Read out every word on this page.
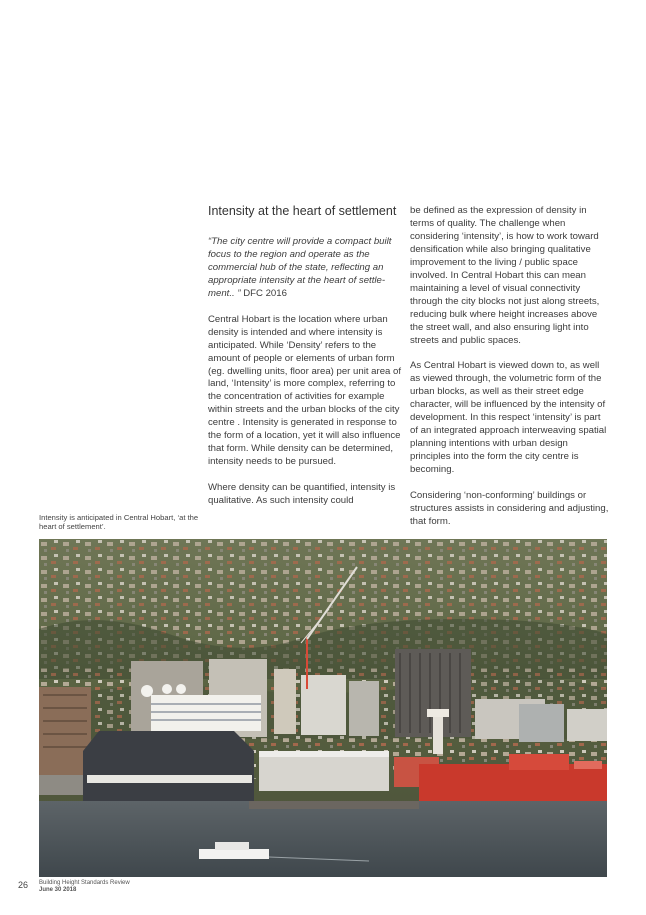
Intensity at the heart of settlement

“The city centre will provide a compact built focus to the region and operate as the commercial hub of the state, reflecting an appropriate intensity at the heart of settlement.. ” DFC 2016

Central Hobart is the location where urban density is intended and where intensity is anticipated. While ‘Density’ refers to the amount of people or elements of urban form (eg. dwelling units, floor area) per unit area of land, ‘Intensity’ is more complex, referring to the concentration of activities for example within streets and the urban blocks of the city centre . Intensity is generated in response to the form of a location, yet it will also influence that form. While density can be determined, intensity needs to be pursued.

Where density can be quantified, intensity is qualitative. As such intensity could

be defined as the expression of density in terms of quality. The challenge when considering ‘intensity’, is how to work toward densification while also bringing qualitative improvement to the living / public space involved. In Central Hobart this can mean maintaining a level of visual connectivity through the city blocks not just along streets, reducing bulk where height increases above the street wall, and also ensuring light into streets and public spaces.

As Central Hobart is viewed down to, as well as viewed through, the volumetric form of the urban blocks, as well as their street edge character, will be influenced by the intensity of development. In this respect ‘intensity’ is part of an integrated approach interweaving spatial planning intentions with urban design principles into the form the city centre is becoming.

Considering ‘non-conforming’ buildings or structures assists in considering and adjusting, that form.

Intensity is anticipated in Central Hobart, ‘at the heart of settlement’.
26 Building Height Standards Review
June 30 2018
